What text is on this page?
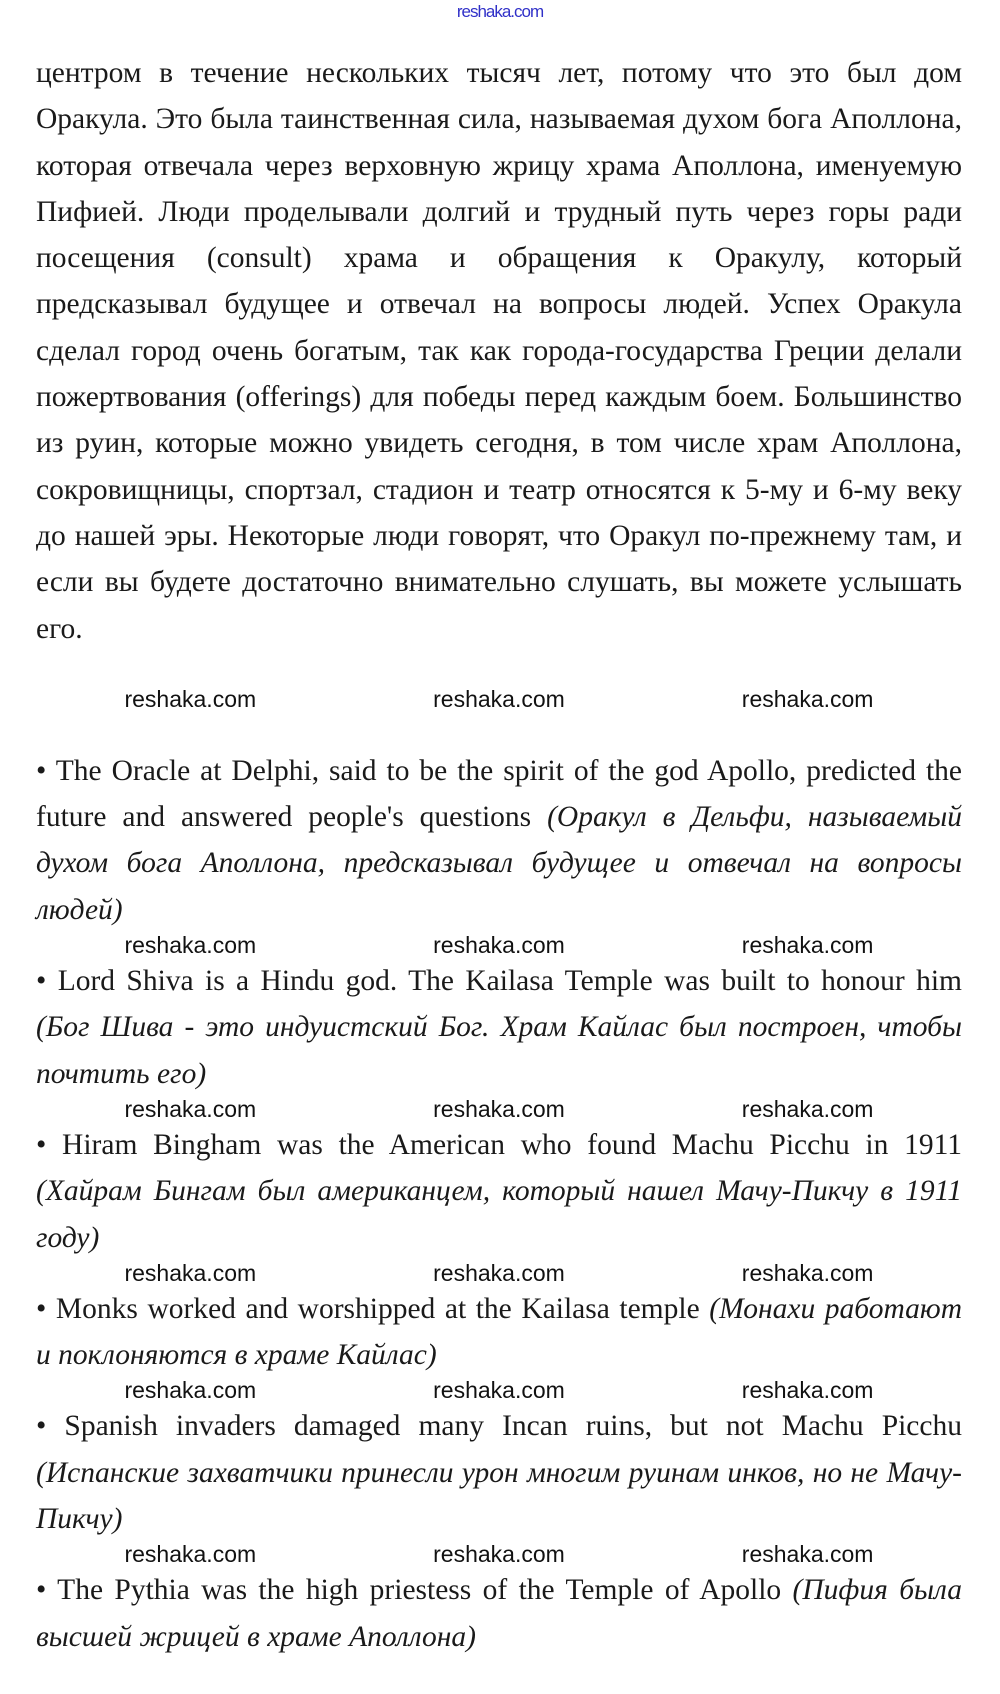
reshaka.com

центром в течение нескольких тысяч лет, потому что это был дом Оракула. Это была таинственная сила, называемая духом бога Аполлона, которая отвечала через верховную жрицу храма Аполлона, именуемую Пифией. Люди проделывали долгий и трудный путь через горы ради посещения (consult) храма и обращения к Оракулу, который предсказывал будущее и отвечал на вопросы людей. Успех Оракула сделал город очень богатым, так как города-государства Греции делали пожертвования (offerings) для победы перед каждым боем. Большинство из руин, которые можно увидеть сегодня, в том числе храм Аполлона, сокровищницы, спортзал, стадион и театр относятся к 5-му и 6-му веку до нашей эры. Некоторые люди говорят, что Оракул по-прежнему там, и если вы будете достаточно внимательно слушать, вы можете услышать его.

reshaka.com	reshaka.com	reshaka.com

• The Oracle at Delphi, said to be the spirit of the god Apollo, predicted the future and answered people's questions (Оракул в Дельфи, называемый духом бога Аполлона, предсказывал будущее и отвечал на вопросы людей)

reshaka.com	reshaka.com	reshaka.com

• Lord Shiva is a Hindu god. The Kailasa Temple was built to honour him (Бог Шива - это индуистский Бог. Храм Кайлас был построен, чтобы почтить его)

reshaka.com	reshaka.com	reshaka.com

• Hiram Bingham was the American who found Machu Picchu in 1911 (Хайрам Бингам был американцем, который нашел Мачу-Пикчу в 1911 году)

reshaka.com	reshaka.com	reshaka.com

• Monks worked and worshipped at the Kailasa temple (Монахи работают и поклоняются в храме Кайлас)

reshaka.com	reshaka.com	reshaka.com

• Spanish invaders damaged many Incan ruins, but not Machu Picchu (Испанские захватчики принесли урон многим руинам инков, но не Мачу-Пикчу)

reshaka.com	reshaka.com	reshaka.com

• The Pythia was the high priestess of the Temple of Apollo (Пифия была высшей жрицей в храме Аполлона)
